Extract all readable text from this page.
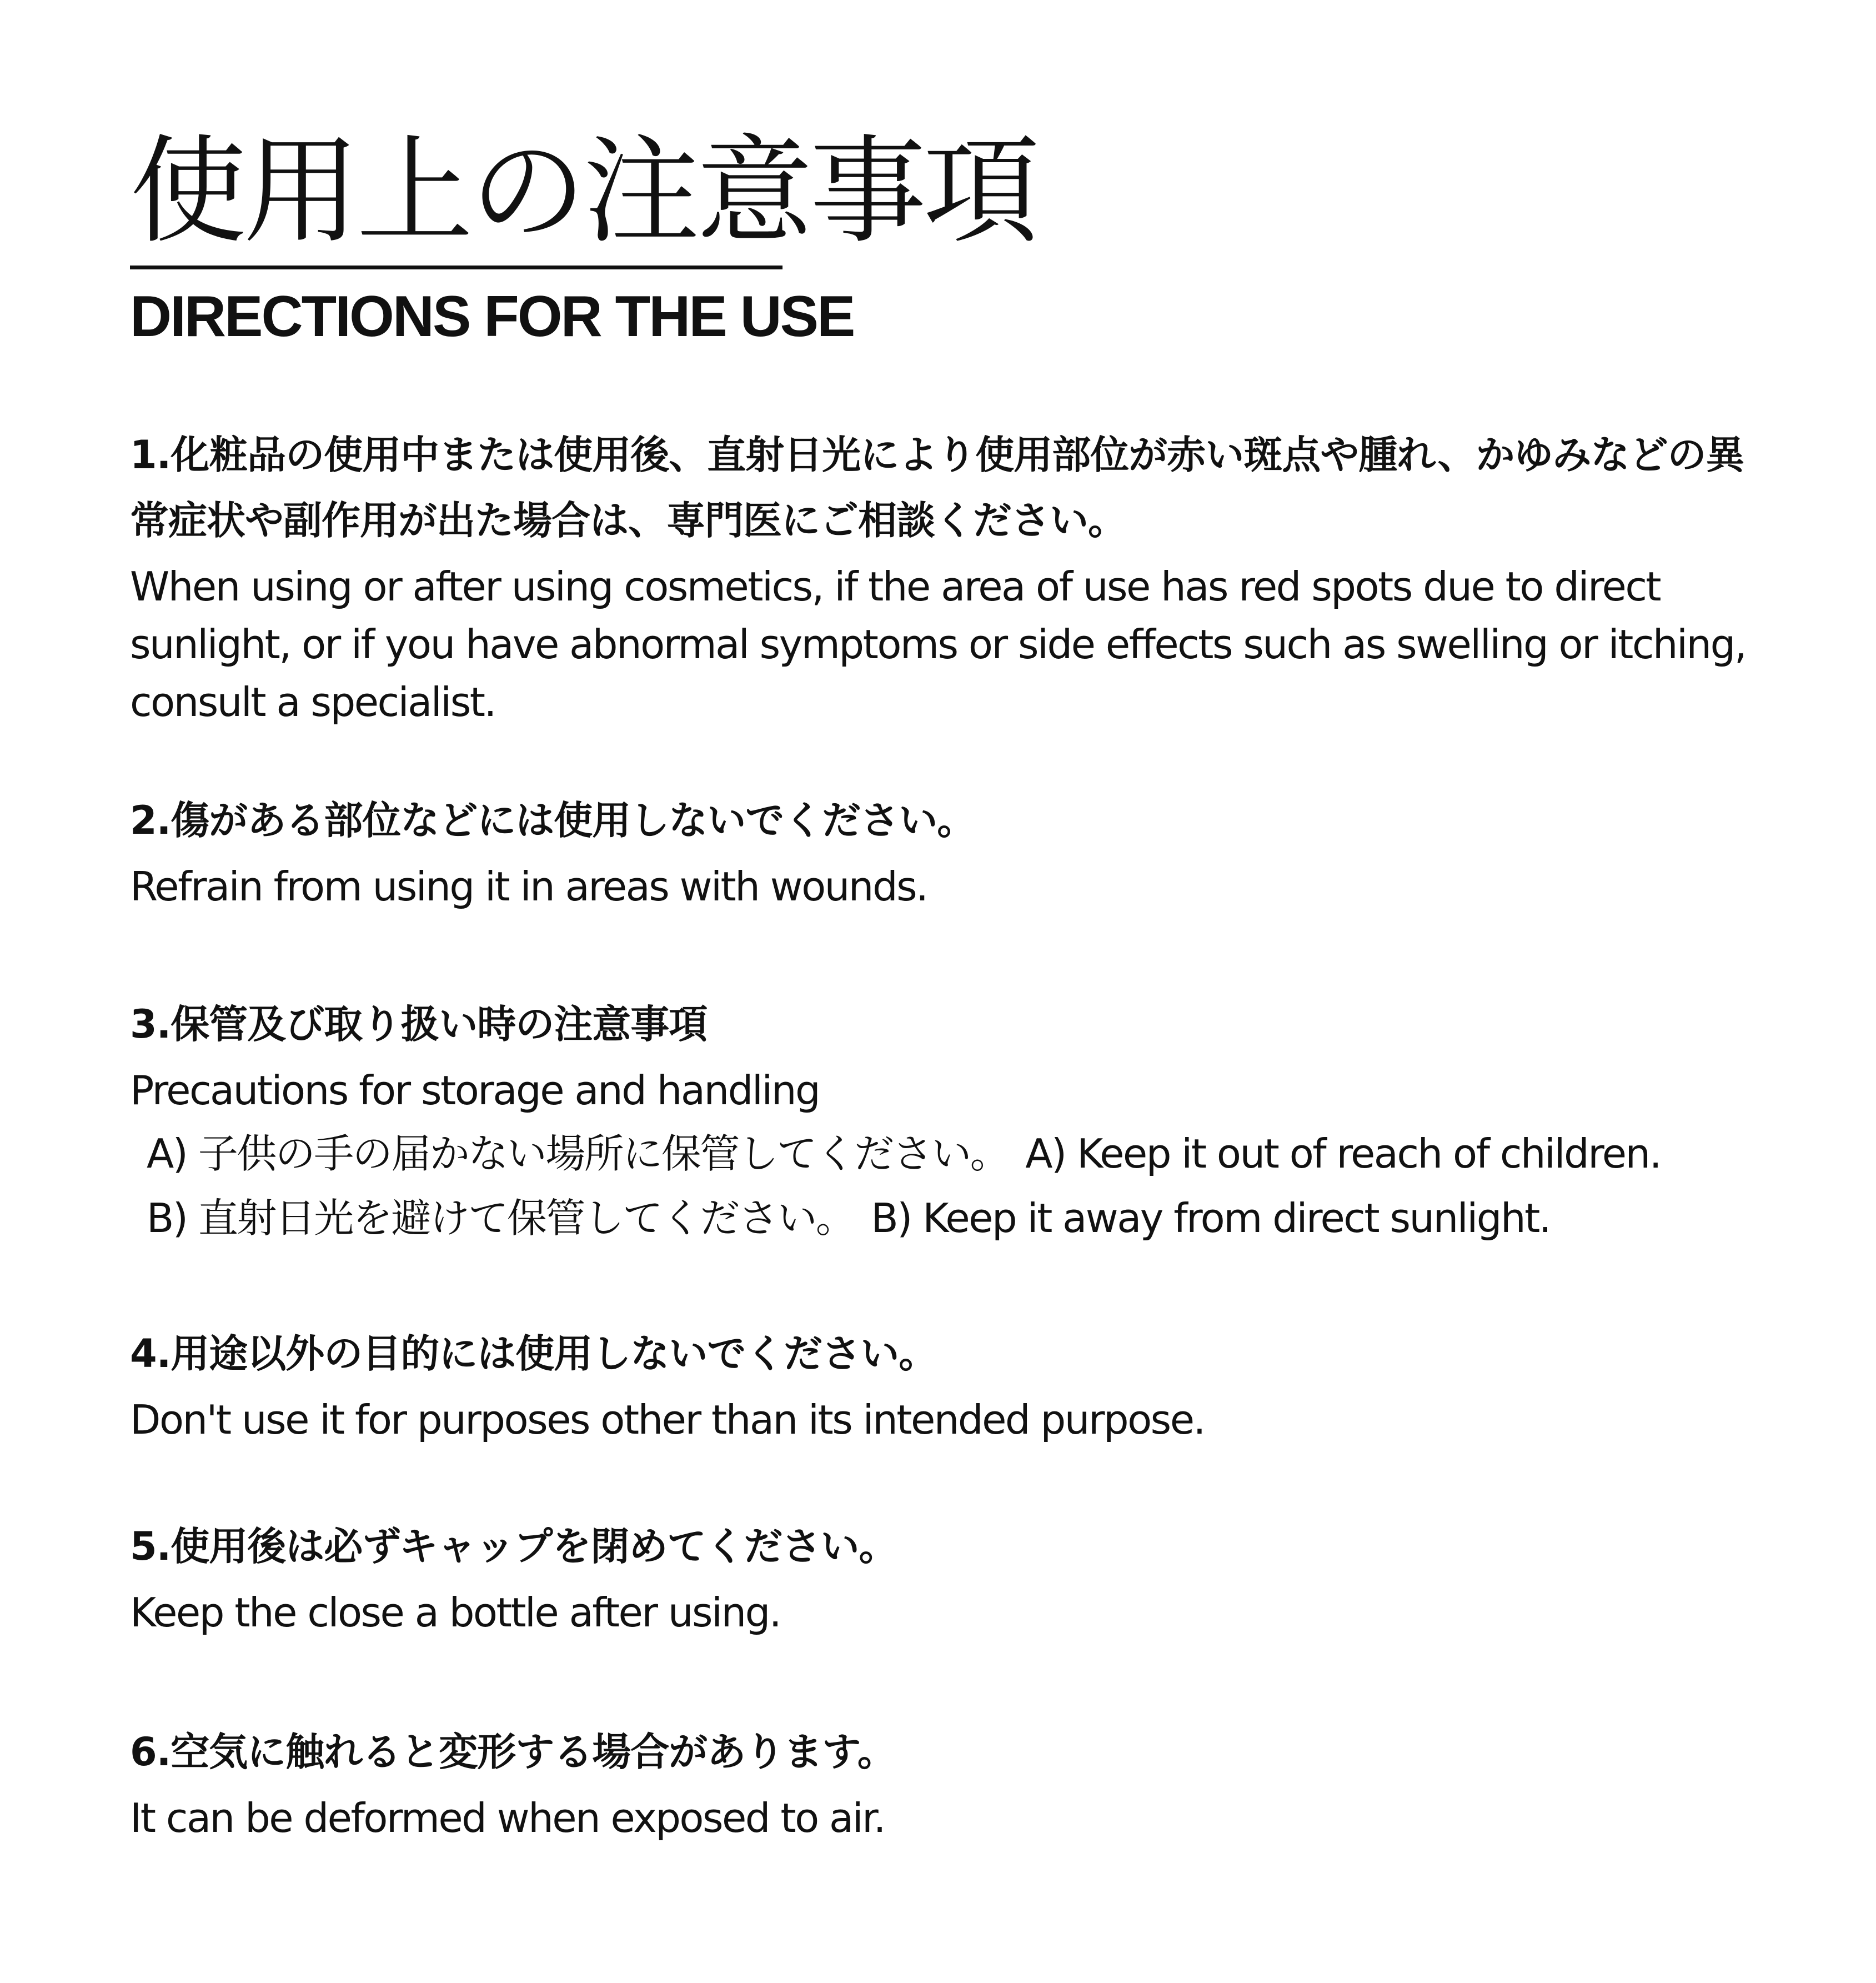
使用上の注意事項
DIRECTIONS FOR THE USE
1.化粧品の使用中または使用後、直射日光により使用部位が赤い斑点や腫れ、かゆみなどの異常症状や副作用が出た場合は、専門医にご相談ください。
When using or after using cosmetics, if the area of use has red spots due to direct sunlight, or if you have abnormal symptoms or side effects such as swelling or itching, consult a specialist.
2.傷がある部位などには使用しないでください。
Refrain from using it in areas with wounds.
3.保管及び取り扱い時の注意事項
Precautions for storage and handling
A) 子供の手の届かない場所に保管してください。 A) Keep it out of reach of children.
B) 直射日光を避けて保管してください。 B) Keep it away from direct sunlight.
4.用途以外の目的には使用しないでください。
Don't use it for purposes other than its intended purpose.
5.使用後は必ずキャップを閉めてください。
Keep the close a bottle after using.
6.空気に触れると変形する場合があります。
It can be deformed when exposed to air.
